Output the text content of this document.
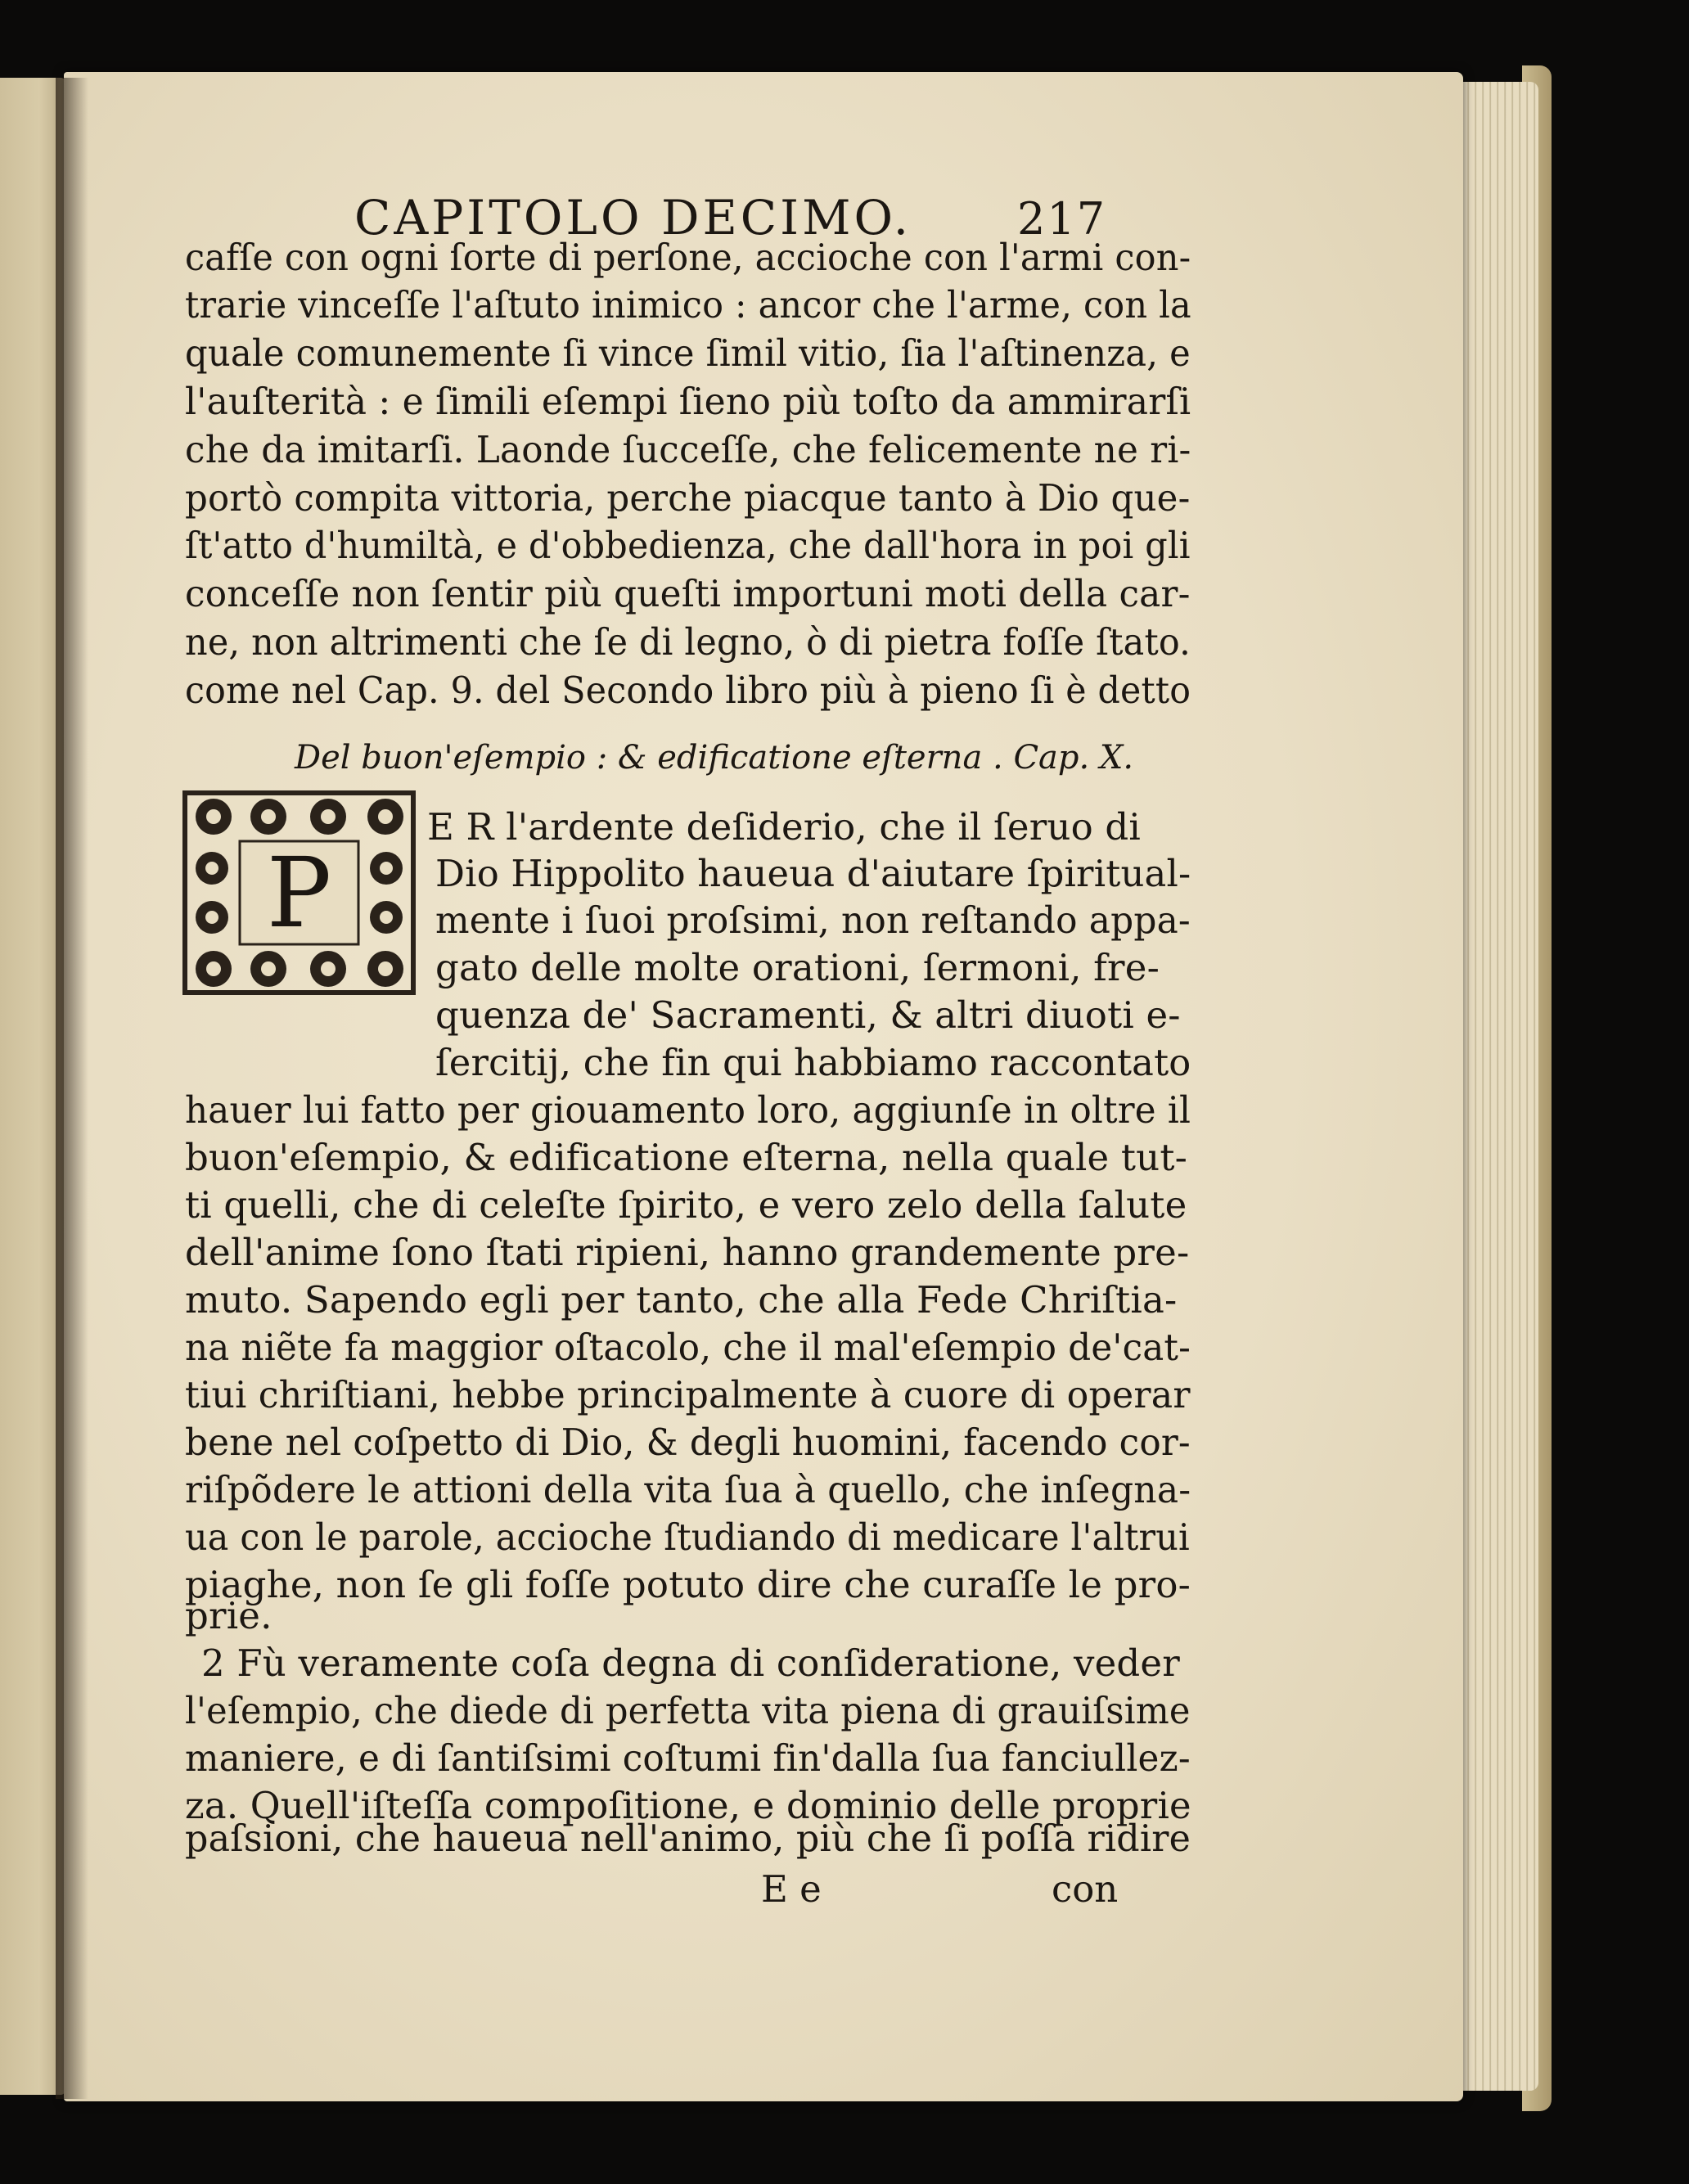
CAPITOLO DECIMO. 217
cafſe con ogni ſorte di perſone, accioche con l'armi con-
trarie vinceſſe l'aſtuto inimico : ancor che l'arme, con la
quale comunemente ſi vince ſimil vitio, ſia l'aſtinenza, e
l'auſterità : e ſimili eſempi ſieno più toſto da ammirarſi
che da imitarſi. Laonde ſucceſſe, che felicemente ne ri-
portò compita vittoria, perche piacque tanto à Dio que-
ſt'atto d'humiltà, e d'obbedienza, che dall'hora in poi gli
conceſſe non ſentir più queſti importuni moti della car-
ne, non altrimenti che ſe di legno, ò di pietra foſſe ſtato.
come nel Cap. 9. del Secondo libro più à pieno ſi è detto
Del buon'eſempio : & edificatione eſterna . Cap. X.
P
E R l'ardente deſiderio, che il ſeruo di
Dio Hippolito haueua d'aiutare ſpiritual-
mente i ſuoi proſsimi, non reſtando appa-
gato delle molte orationi, ſermoni, fre-
quenza de' Sacramenti, & altri diuoti e-
ſercitij, che fin qui habbiamo raccontato
hauer lui fatto per giouamento loro, aggiunſe in oltre il
buon'eſempio, & edificatione eſterna, nella quale tut-
ti quelli, che di celeſte ſpirito, e vero zelo della ſalute
dell'anime ſono ſtati ripieni, hanno grandemente pre-
muto. Sapendo egli per tanto, che alla Fede Chriſtia-
na niẽte fa maggior oſtacolo, che il mal'eſempio de'cat-
tiui chriſtiani, hebbe principalmente à cuore di operar
bene nel coſpetto di Dio, & degli huomini, facendo cor-
riſpõdere le attioni della vita ſua à quello, che inſegna-
ua con le parole, accioche ſtudiando di medicare l'altrui
piaghe, non ſe gli foſſe potuto dire che curaſſe le pro-
prie.
2 Fù veramente coſa degna di conſideratione, veder
l'eſempio, che diede di perfetta vita piena di grauiſsime
maniere, e di ſantiſsimi coſtumi fin'dalla ſua fanciullez-
za. Quell'iſteſſa compoſitione, e dominio delle proprie
paſsioni, che haueua nell'animo, più che ſi poſſa ridire
E e	con
